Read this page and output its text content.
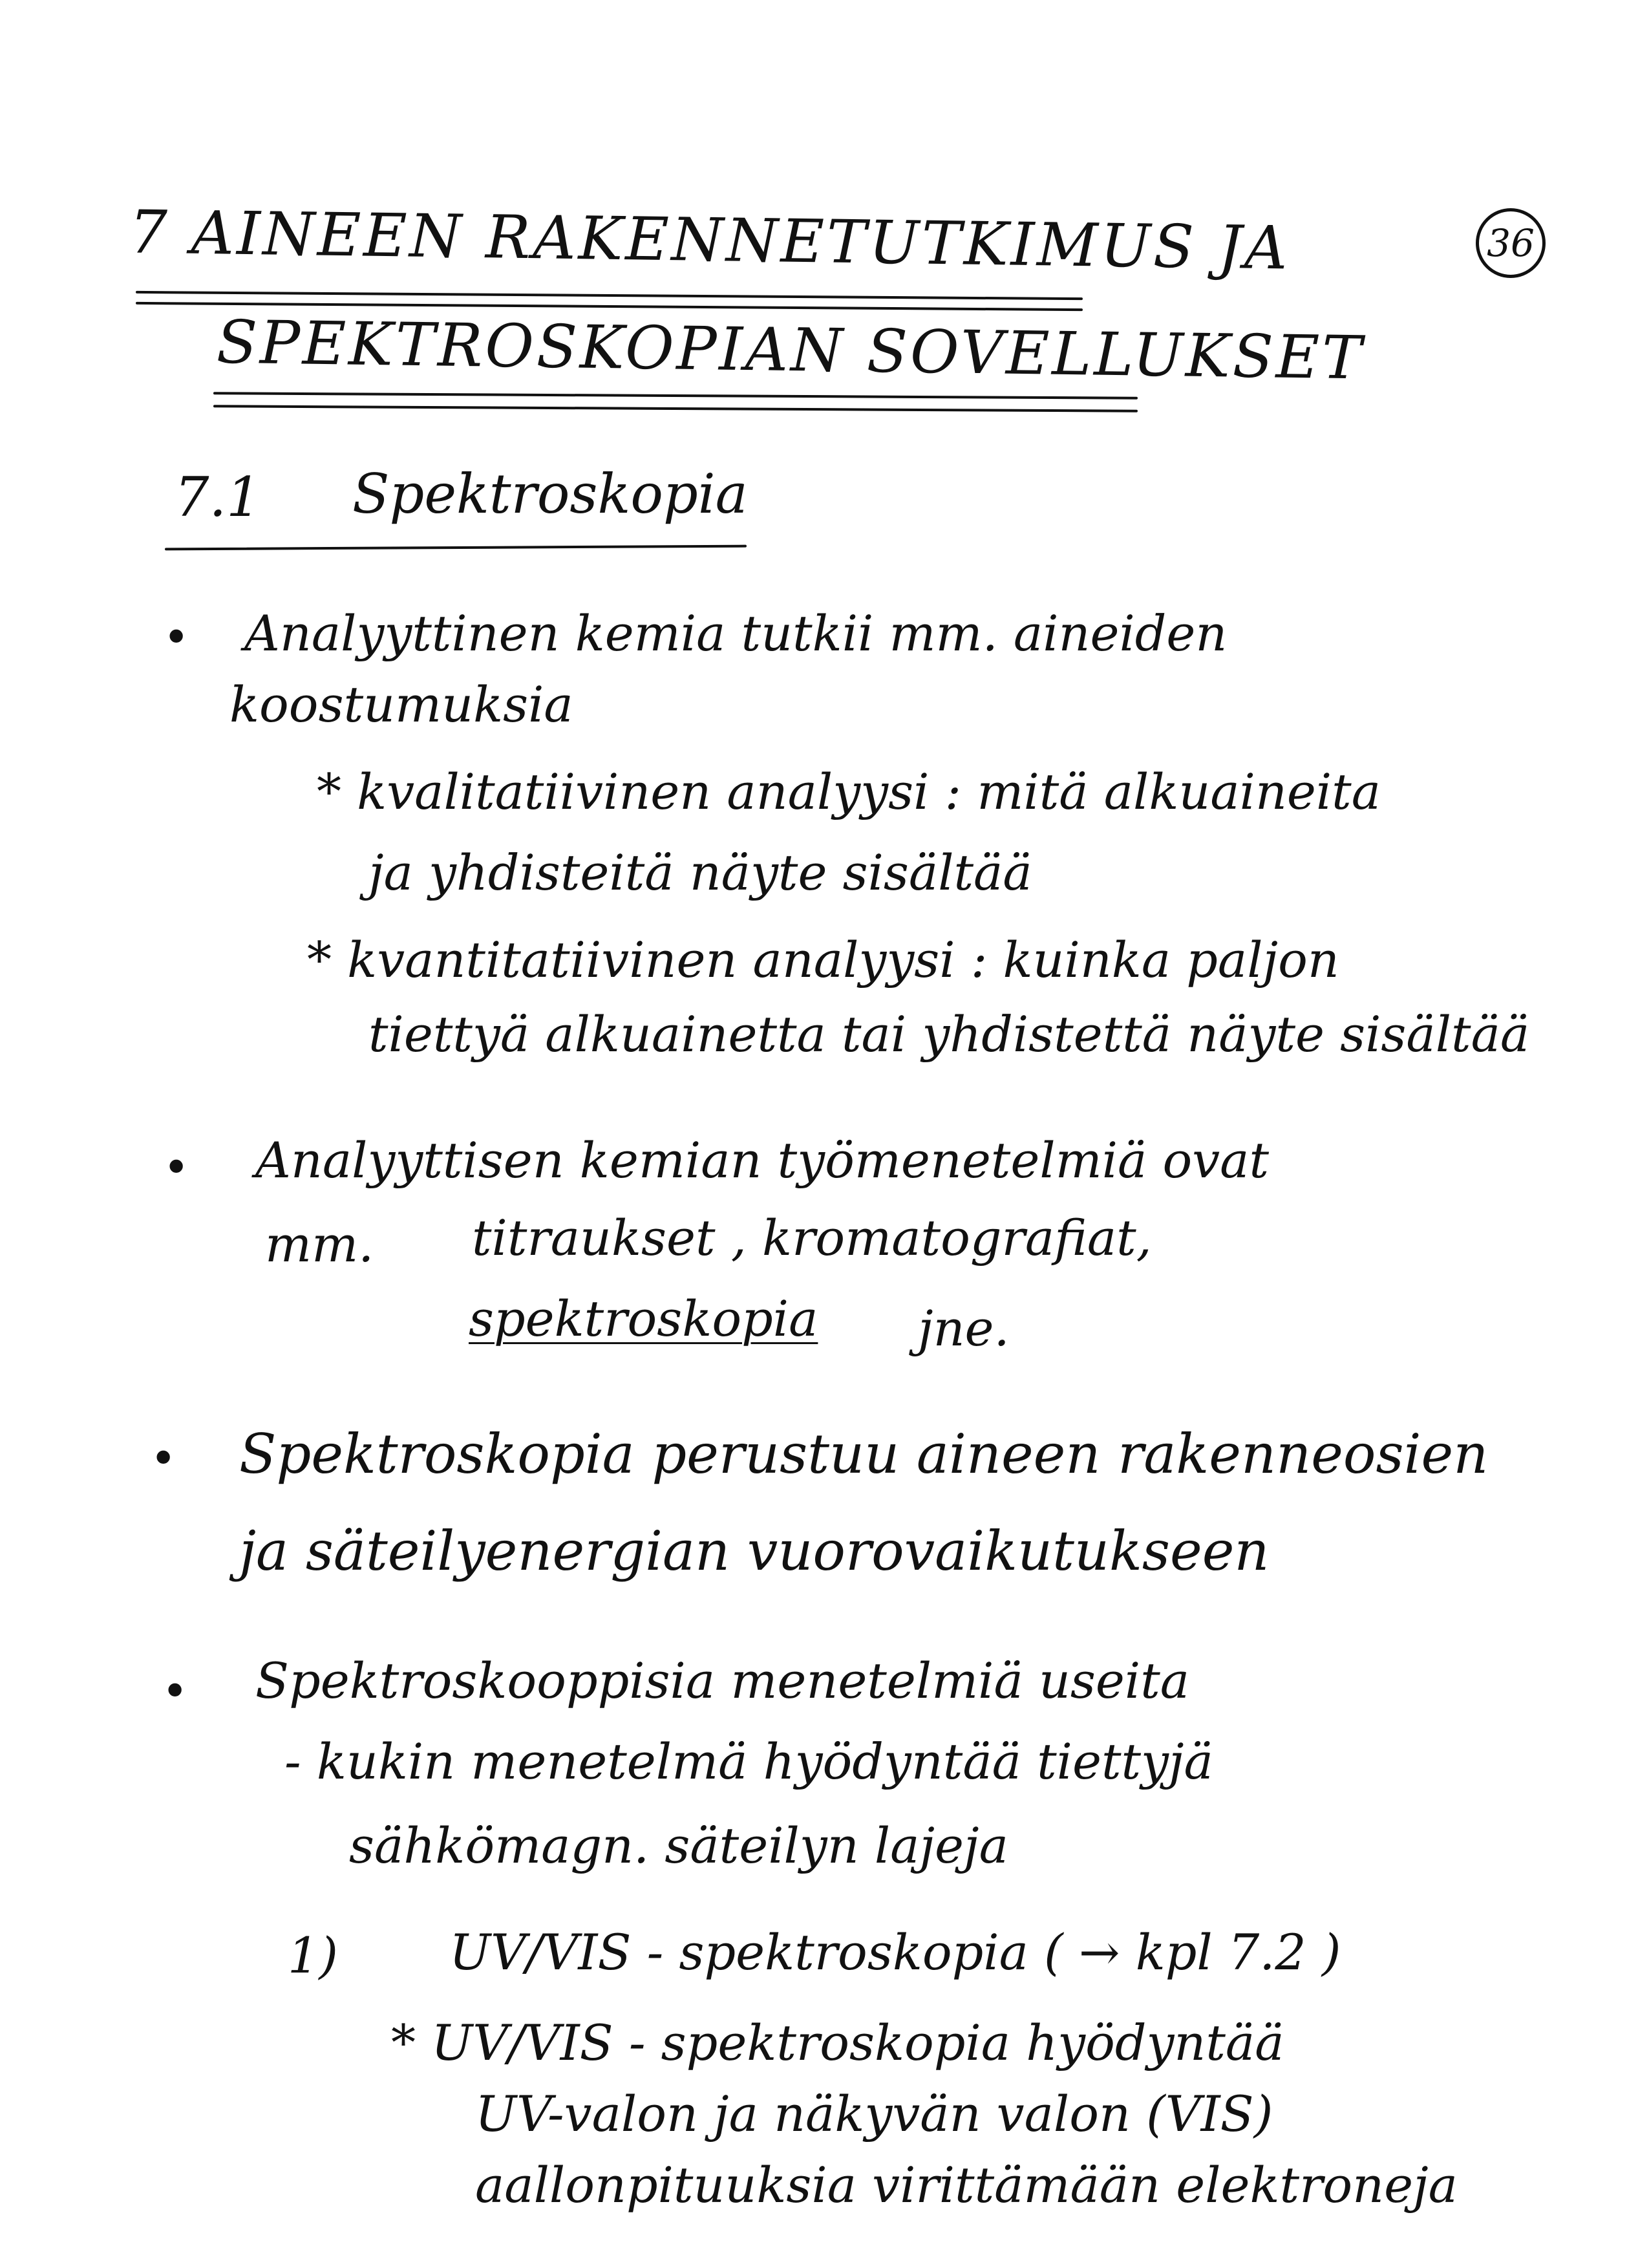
36
7 AINEEN RAKENNETUTKIMUS JA
SPEKTROSKOPIAN SOVELLUKSET
7.1 Spektroskopia
• Analyyttinen kemia tutkii mm. aineiden
koostumuksia
* kvalitatiivinen analyysi : mitä alkuaineita
ja yhdisteitä näyte sisältää
* kvantitatiivinen analyysi : kuinka paljon
tiettyä alkuainetta tai yhdistettä näyte sisältää
• Analyyttisen kemian työmenetelmiä ovat
mm. titraukset , kromatografiat,
spektroskopia jne.
• Spektroskopia perustuu aineen rakenneosien
ja säteilyenergian vuorovaikutukseen
• Spektroskooppisia menetelmiä useita
- kukin menetelmä hyödyntää tiettyjä
sähkömagn. säteilyn lajeja
1) UV/VIS - spektroskopia ( → kpl 7.2 )
* UV/VIS - spektroskopia hyödyntää
UV-valon ja näkyvän valon (VIS)
aallonpituuksia virittämään elektroneja
